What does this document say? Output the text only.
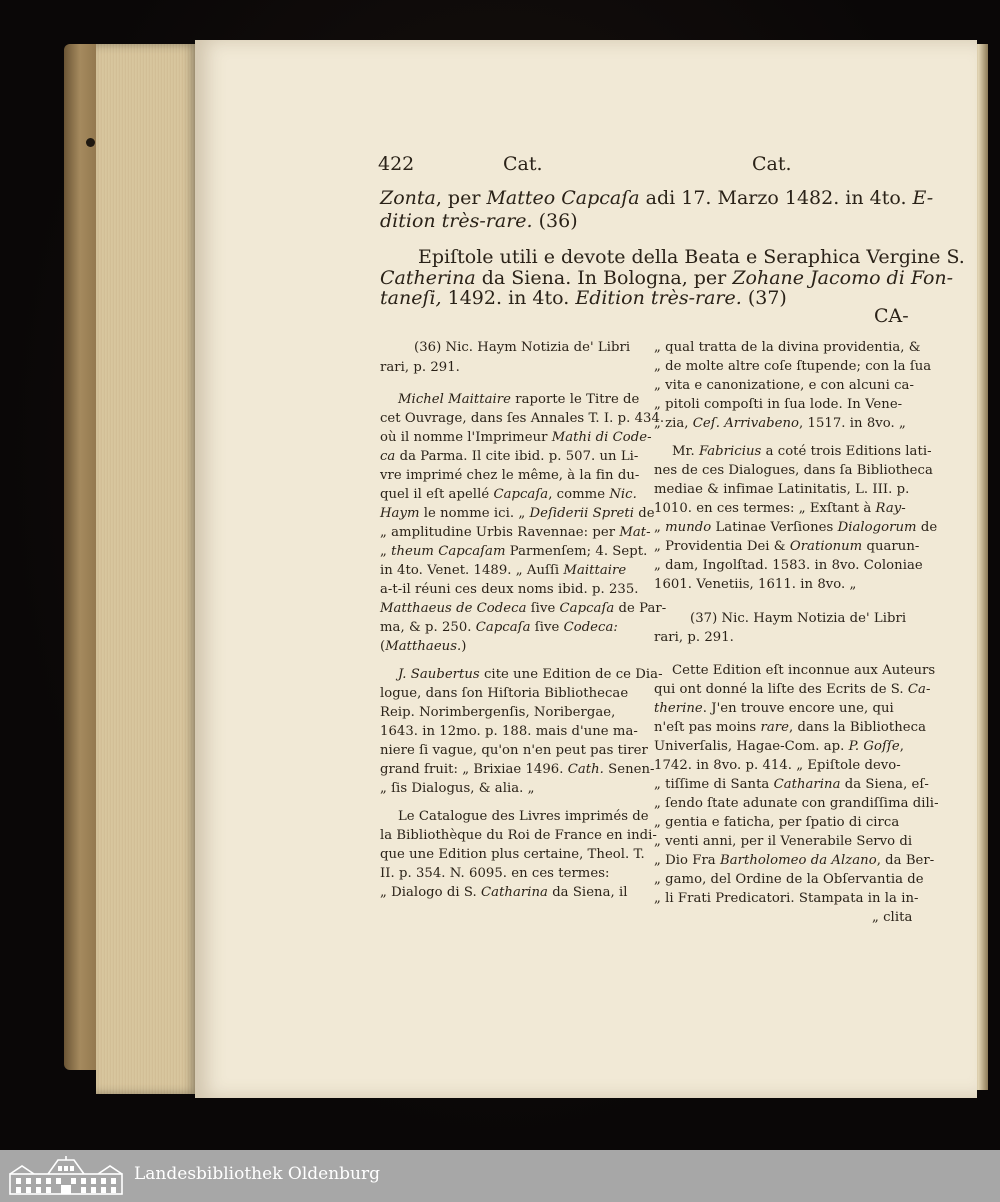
422	Cat.	Cat.
Zonta, per Matteo Capcaſa adi 17. Marzo 1482. in 4to. E-
dition très-rare. (36)
Epiſtole utili e devote della Beata e Seraphica Vergine S.
Catherina da Siena. In Bologna, per Zohane Jacomo di Fon-
taneſi, 1492. in 4to. Edition très-rare. (37)
CA-
(36) Nic. Haym Notizia de' Libri
rari, p. 291.
Michel Maittaire raporte le Titre de
cet Ouvrage, dans ſes Annales T. I. p. 434.
où il nomme l'Imprimeur Mathi di Code-
ca da Parma. Il cite ibid. p. 507. un Li-
vre imprimé chez le même, à la fin du-
quel il eſt apellé Capcaſa, comme Nic.
Haym le nomme ici. „ Deſiderii Spreti de
„ amplitudine Urbis Ravennae: per Mat-
„ theum Capcaſam Parmenſem; 4. Sept.
in 4to. Venet. 1489. „ Auſſi Maittaire
a-t-il réuni ces deux noms ibid. p. 235.
Matthaeus de Codeca ſive Capcaſa de Par-
ma, & p. 250. Capcaſa ſive Codeca:
(Matthaeus.)
J. Saubertus cite une Edition de ce Dia-
logue, dans ſon Hiſtoria Bibliothecae
Reip. Norimbergenſis, Noribergae,
1643. in 12mo. p. 188. mais d'une ma-
niere ſi vague, qu'on n'en peut pas tirer
grand fruit: „ Brixiae 1496. Cath. Senen-
„ ſis Dialogus, & alia. „
Le Catalogue des Livres imprimés de
la Bibliothèque du Roi de France en indi-
que une Edition plus certaine, Theol. T.
II. p. 354. N. 6095. en ces termes:
„ Dialogo di S. Catharina da Siena, il
„ qual tratta de la divina providentia, &
„ de molte altre coſe ſtupende; con la ſua
„ vita e canonizatione, e con alcuni ca-
„ pitoli compoſti in ſua lode. In Vene-
„ zia, Ceſ. Arrivabeno, 1517. in 8vo. „
Mr. Fabricius a coté trois Editions lati-
nes de ces Dialogues, dans ſa Bibliotheca
mediae & infimae Latinitatis, L. III. p.
1010. en ces termes: „ Exſtant à Ray-
„ mundo Latinae Verſiones Dialogorum de
„ Providentia Dei & Orationum quarun-
„ dam, Ingolſtad. 1583. in 8vo. Coloniae
1601. Venetiis, 1611. in 8vo. „
(37) Nic. Haym Notizia de' Libri
rari, p. 291.
Cette Edition eſt inconnue aux Auteurs
qui ont donné la liſte des Ecrits de S. Ca-
therine. J'en trouve encore une, qui
n'eſt pas moins rare, dans la Bibliotheca
Univerſalis, Hagae-Com. ap. P. Goſſe,
1742. in 8vo. p. 414. „ Epiſtole devo-
„ tiſſime di Santa Catharina da Siena, eſ-
„ ſendo ſtate adunate con grandiſſima dili-
„ gentia e faticha, per ſpatio di circa
„ venti anni, per il Venerabile Servo di
„ Dio Fra Bartholomeo da Alzano, da Ber-
„ gamo, del Ordine de la Obſervantia de
„ li Frati Predicatori. Stampata in la in-
„ clita
Landesbibliothek Oldenburg
